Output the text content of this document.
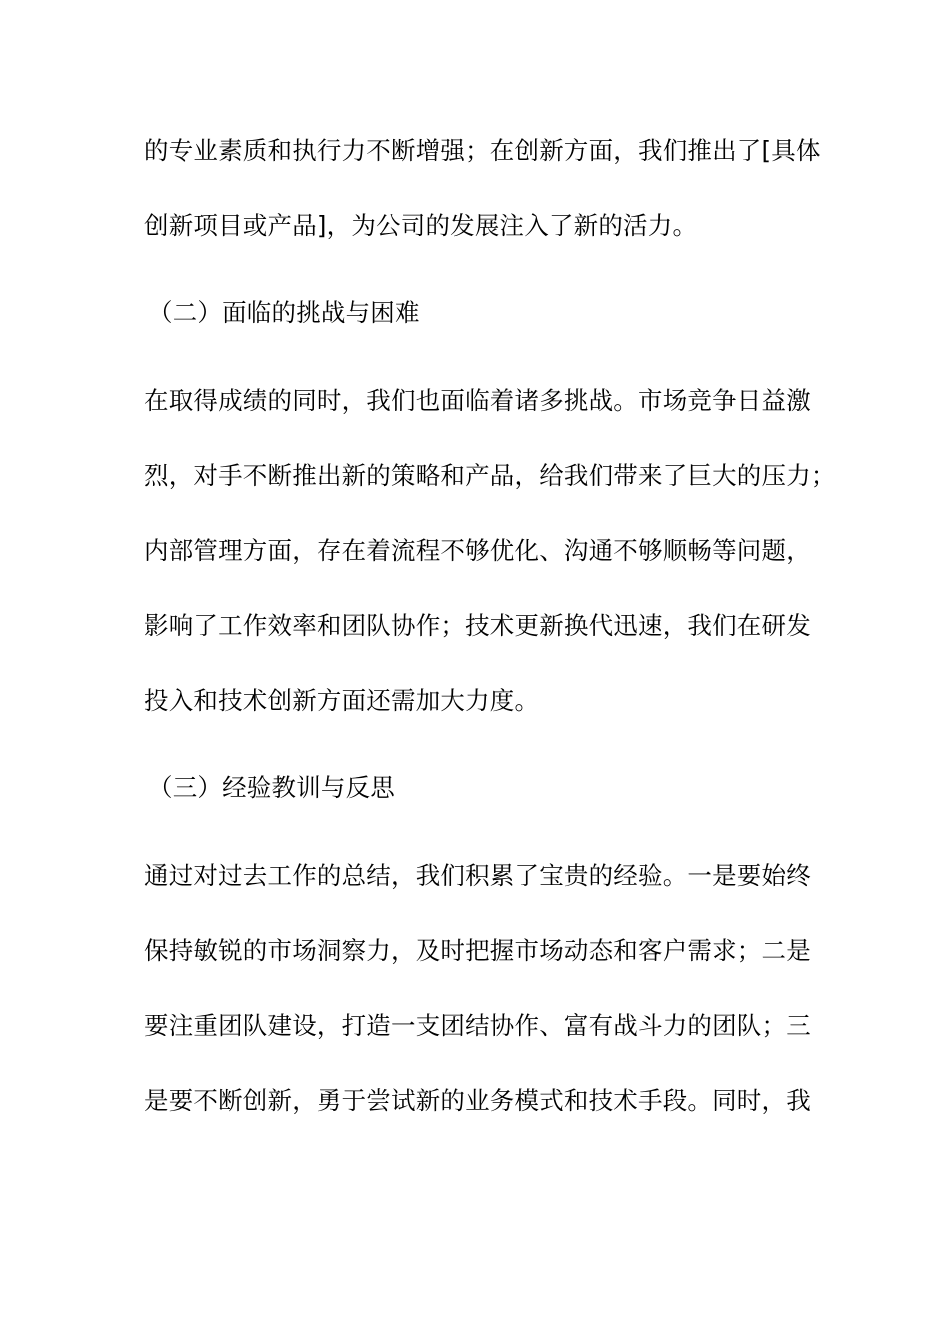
的专业素质和执行力不断增强；在创新方面，我们推出了[具体
创新项目或产品]，为公司的发展注入了新的活力。
（二）面临的挑战与困难
在取得成绩的同时，我们也面临着诸多挑战。市场竞争日益激
烈，对手不断推出新的策略和产品，给我们带来了巨大的压力；
内部管理方面，存在着流程不够优化、沟通不够顺畅等问题，
影响了工作效率和团队协作；技术更新换代迅速，我们在研发
投入和技术创新方面还需加大力度。
（三）经验教训与反思
通过对过去工作的总结，我们积累了宝贵的经验。一是要始终
保持敏锐的市场洞察力，及时把握市场动态和客户需求；二是
要注重团队建设，打造一支团结协作、富有战斗力的团队；三
是要不断创新，勇于尝试新的业务模式和技术手段。同时，我
